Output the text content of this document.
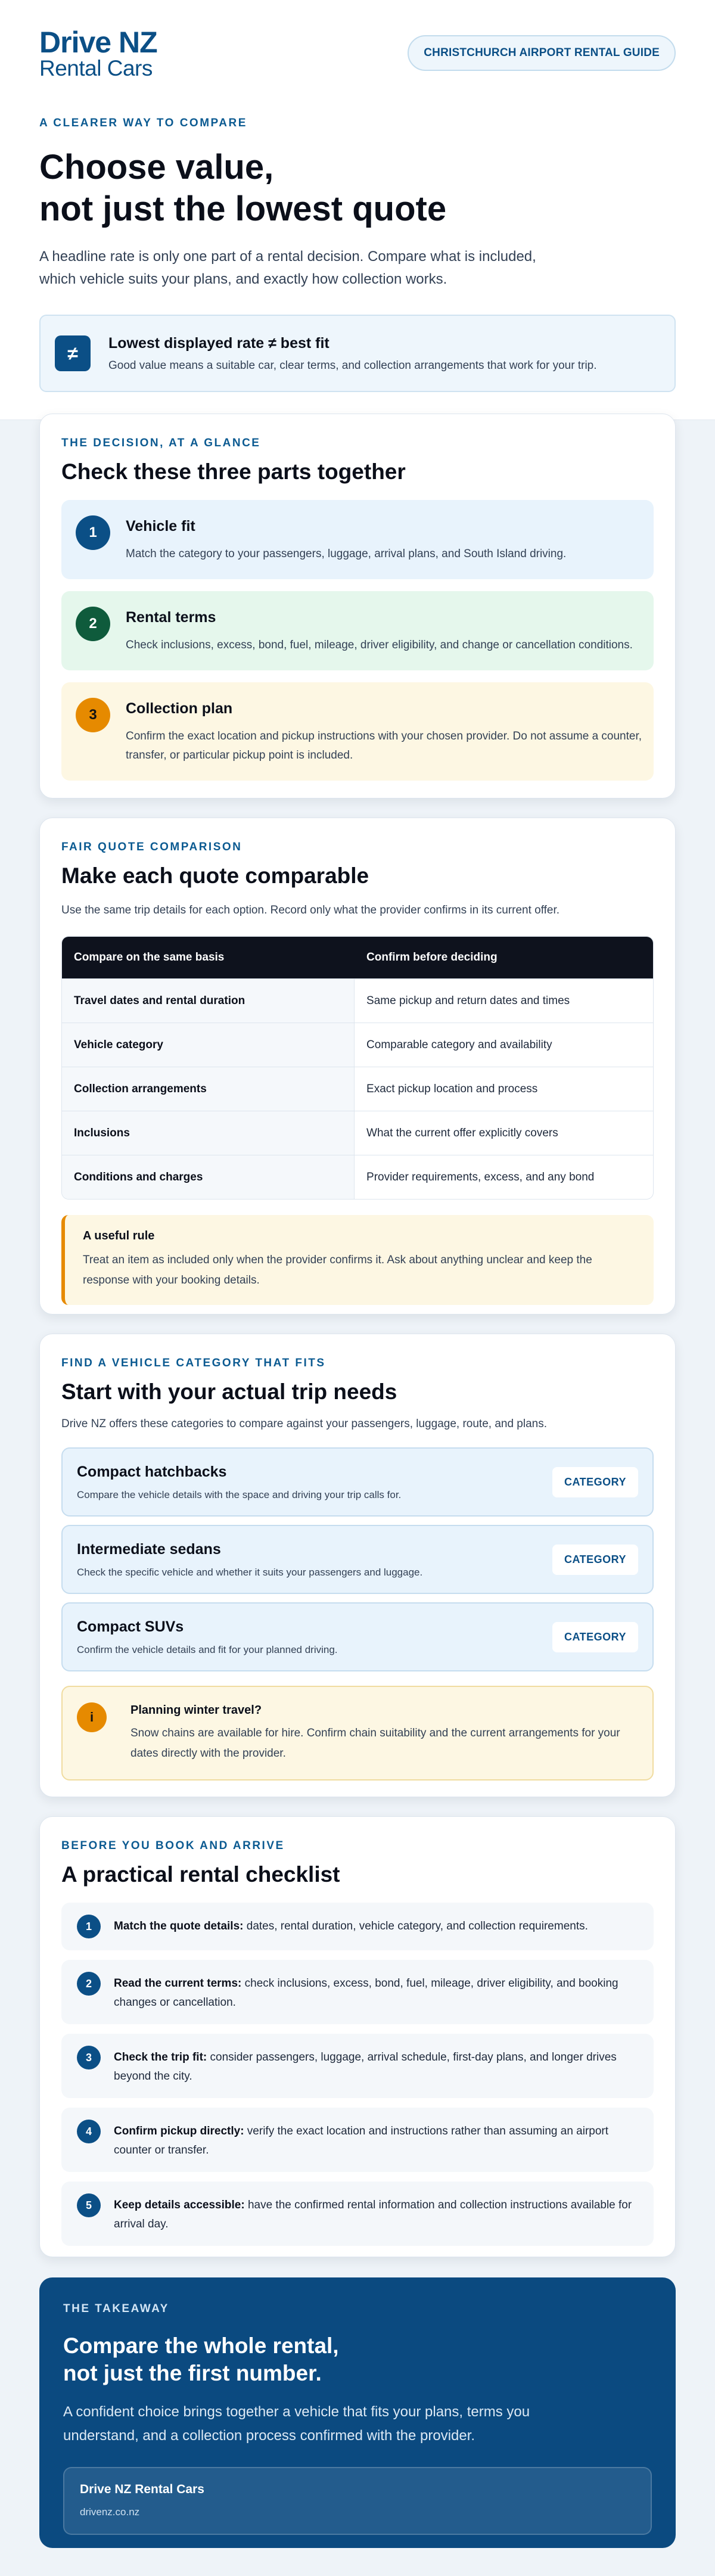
Drive NZ
Rental Cars
CHRISTCHURCH AIRPORT RENTAL GUIDE
A CLEARER WAY TO COMPARE
Choose value,
not just the lowest quote

A headline rate is only one part of a rental decision. Compare what is included, which vehicle suits your plans, and exactly how collection works.

≠	Lowest displayed rate ≠ best fit
Good value means a suitable car, clear terms, and collection arrangements that work for your trip.
THE DECISION, AT A GLANCE
Check these three parts together
1	Vehicle fit
Match the category to your passengers, luggage, arrival plans, and South Island driving.
2	Rental terms
Check inclusions, excess, bond, fuel, mileage, driver eligibility, and change or cancellation conditions.
3	Collection plan
Confirm the exact location and pickup instructions with your chosen provider. Do not assume a counter, transfer, or particular pickup point is included.
FAIR QUOTE COMPARISON
Make each quote comparable

Use the same trip details for each option. Record only what the provider confirms in its current offer.

Compare on the same basis	Confirm before deciding
Travel dates and rental duration	Same pickup and return dates and times
Vehicle category	Comparable category and availability
Collection arrangements	Exact pickup location and process
Inclusions	What the current offer explicitly covers
Conditions and charges	Provider requirements, excess, and any bond
A useful rule
Treat an item as included only when the provider confirms it. Ask about anything unclear and keep the response with your booking details.
FIND A VEHICLE CATEGORY THAT FITS
Start with your actual trip needs

Drive NZ offers these categories to compare against your passengers, luggage, route, and plans.

Compact hatchbacks
Compare the vehicle details with the space and driving your trip calls for.
CATEGORY
Intermediate sedans
Check the specific vehicle and whether it suits your passengers and luggage.
CATEGORY
Compact SUVs
Confirm the vehicle details and fit for your planned driving.
CATEGORY
i	Planning winter travel?
Snow chains are available for hire. Confirm chain suitability and the current arrangements for your dates directly with the provider.
BEFORE YOU BOOK AND ARRIVE
A practical rental checklist
1	Match the quote details: dates, rental duration, vehicle category, and collection requirements.
2	Read the current terms: check inclusions, excess, bond, fuel, mileage, driver eligibility, and booking changes or cancellation.
3	Check the trip fit: consider passengers, luggage, arrival schedule, first-day plans, and longer drives beyond the city.
4	Confirm pickup directly: verify the exact location and instructions rather than assuming an airport counter or transfer.
5	Keep details accessible: have the confirmed rental information and collection instructions available for arrival day.
THE TAKEAWAY
Compare the whole rental,
not just the first number.

A confident choice brings together a vehicle that fits your plans, terms you understand, and a collection process confirmed with the provider.

Drive NZ Rental Cars
drivenz.co.nz
